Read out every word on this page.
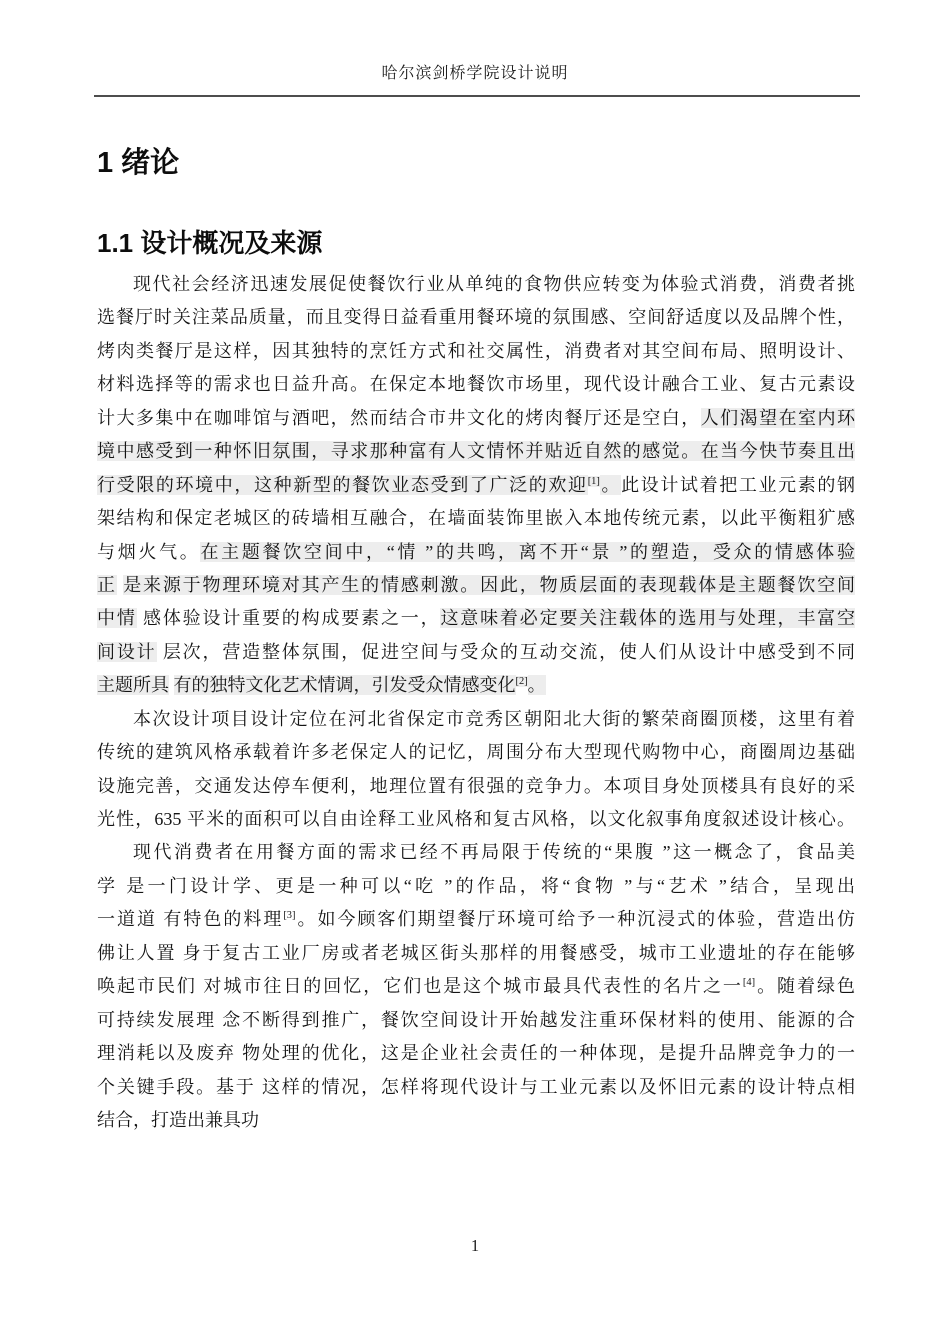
哈尔滨剑桥学院设计说明
1 绪论
1.1 设计概况及来源
现代社会经济迅速发展促使餐饮行业从单纯的食物供应转变为体验式消费，消费者挑
选餐厅时关注菜品质量，而且变得日益看重用餐环境的氛围感、空间舒适度以及品牌个性，
烤肉类餐厅是这样，因其独特的烹饪方式和社交属性，消费者对其空间布局、照明设计、
材料选择等的需求也日益升高。在保定本地餐饮市场里，现代设计融合工业、复古元素设
计大多集中在咖啡馆与酒吧，然而结合市井文化的烤肉餐厅还是空白，人们渴望在室内环
境中感受到一种怀旧氛围，寻求那种富有人文情怀并贴近自然的感觉。在当今快节奏且出
行受限的环境中，这种新型的餐饮业态受到了广泛的欢迎[1]。此设计试着把工业元素的钢
架结构和保定老城区的砖墙相互融合，在墙面装饰里嵌入本地传统元素，以此平衡粗犷感
与烟火气。在主题餐饮空间中，“情 ”的共鸣，离不开“景 ”的塑造，受众的情感体验
正 是来源于物理环境对其产生的情感刺激。因此，物质层面的表现载体是主题餐饮空间
中情 感体验设计重要的构成要素之一，这意味着必定要关注载体的选用与处理，丰富空
间设计 层次，营造整体氛围，促进空间与受众的互动交流，使人们从设计中感受到不同
主题所具 有的独特文化艺术情调，引发受众情感变化[2]。
本次设计项目设计定位在河北省保定市竞秀区朝阳北大街的繁荣商圈顶楼，这里有着
传统的建筑风格承载着许多老保定人的记忆，周围分布大型现代购物中心，商圈周边基础
设施完善，交通发达停车便利，地理位置有很强的竞争力。本项目身处顶楼具有良好的采
光性，635 平米的面积可以自由诠释工业风格和复古风格，以文化叙事角度叙述设计核心。
现代消费者在用餐方面的需求已经不再局限于传统的“果腹 ”这一概念了，食品美
学 是一门设计学、更是一种可以“吃 ”的作品，将“食物 ”与“艺术 ”结合，呈现出
一道道 有特色的料理[3]。如今顾客们期望餐厅环境可给予一种沉浸式的体验，营造出仿
佛让人置 身于复古工业厂房或者老城区街头那样的用餐感受，城市工业遗址的存在能够
唤起市民们 对城市往日的回忆，它们也是这个城市最具代表性的名片之一[4]。随着绿色
可持续发展理 念不断得到推广，餐饮空间设计开始越发注重环保材料的使用、能源的合
理消耗以及废弃 物处理的优化，这是企业社会责任的一种体现，是提升品牌竞争力的一
个关键手段。基于 这样的情况，怎样将现代设计与工业元素以及怀旧元素的设计特点相
结合，打造出兼具功
1
